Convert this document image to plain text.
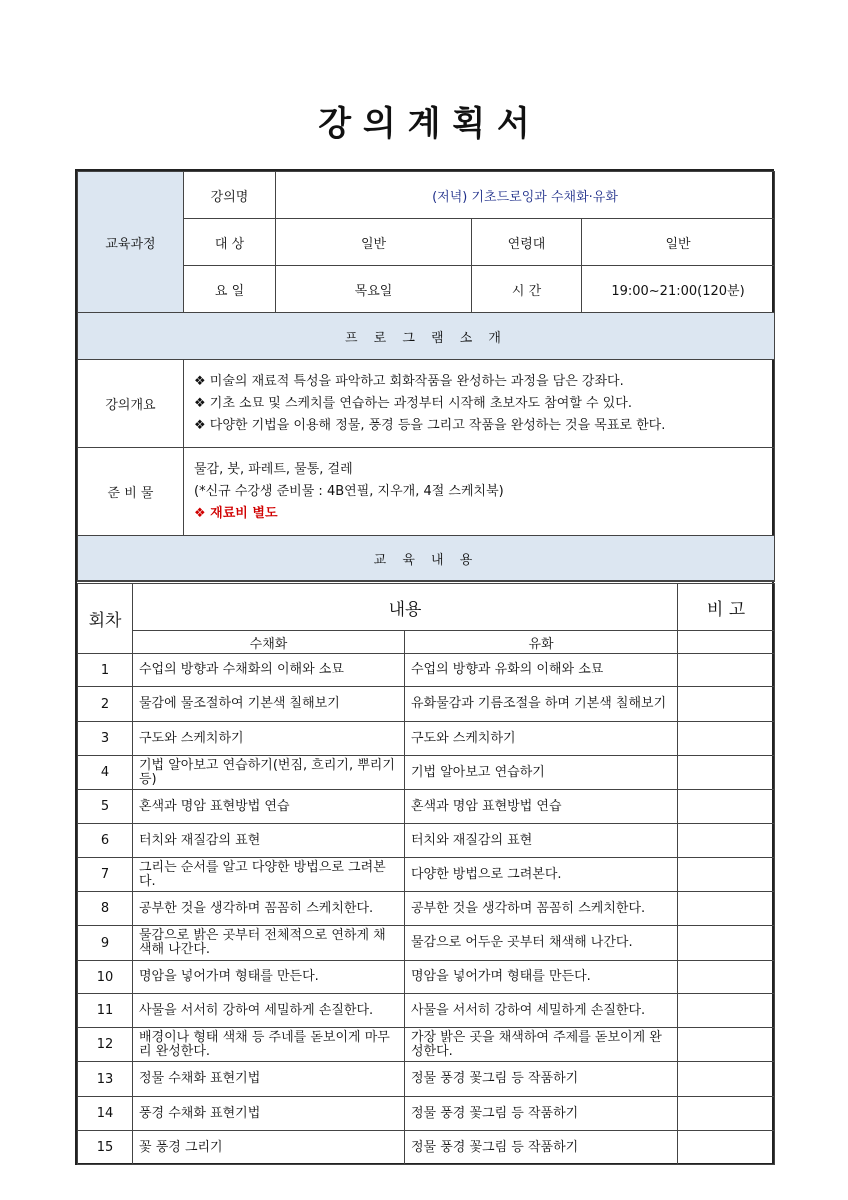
강 의 계 획 서
교육과정	강의명	(저녁) 기초드로잉과 수채화·유화		
	대 상	일반	연령대	일반
	요 일	목요일	시 간	19:00~21:00(120분)
프 로 그 램 소 개				
강의개요	❖ 미술의 재료적 특성을 파악하고 회화작품을 완성하는 과정을 담은 강좌다.
❖ 기초 소묘 및 스케치를 연습하는 과정부터 시작해 초보자도 참여할 수 있다.
❖ 다양한 기법을 이용해 정물, 풍경 등을 그리고 작품을 완성하는 것을 목표로 한다.			

준 비 물	물감, 붓, 파레트, 물통, 걸레
(*신규 수강생 준비물 : 4B연필, 지우개, 4절 스케치북)
❖ 재료비 별도			

교 육 내 용				
회차	내용		비 고
	수채화	유화	
1	수업의 방향과 수채화의 이해와 소묘	수업의 방향과 유화의 이해와 소묘	
2	물감에 물조절하여 기본색 칠해보기	유화물감과 기름조절을 하며 기본색 칠해보기	
3	구도와 스케치하기	구도와 스케치하기	
4	기법 알아보고 연습하기(번짐, 흐리기, 뿌리기 등)	기법 알아보고 연습하기	
5	혼색과 명암 표현방법 연습	혼색과 명암 표현방법 연습	
6	터치와 재질감의 표현	터치와 재질감의 표현	
7	그리는 순서를 알고 다양한 방법으로 그려본다.	다양한 방법으로 그려본다.	
8	공부한 것을 생각하며 꼼꼼히 스케치한다.	공부한 것을 생각하며 꼼꼼히 스케치한다.	
9	물감으로 밝은 곳부터 전체적으로 연하게 채색해 나간다.	물감으로 어두운 곳부터 채색해 나간다.	
10	명암을 넣어가며 형태를 만든다.	명암을 넣어가며 형태를 만든다.	
11	사물을 서서히 강하여 세밀하게 손질한다.	사물을 서서히 강하여 세밀하게 손질한다.	
12	배경이나 형태 색채 등 주네를 돋보이게 마무리 완성한다.	가장 밝은 곳을 채색하여 주제를 돋보이게 완성한다.	
13	정물 수채화 표현기법	정물 풍경 꽃그림 등 작품하기	
14	풍경 수채화 표현기법	정물 풍경 꽃그림 등 작품하기	
15	꽃 풍경 그리기	정물 풍경 꽃그림 등 작품하기	
